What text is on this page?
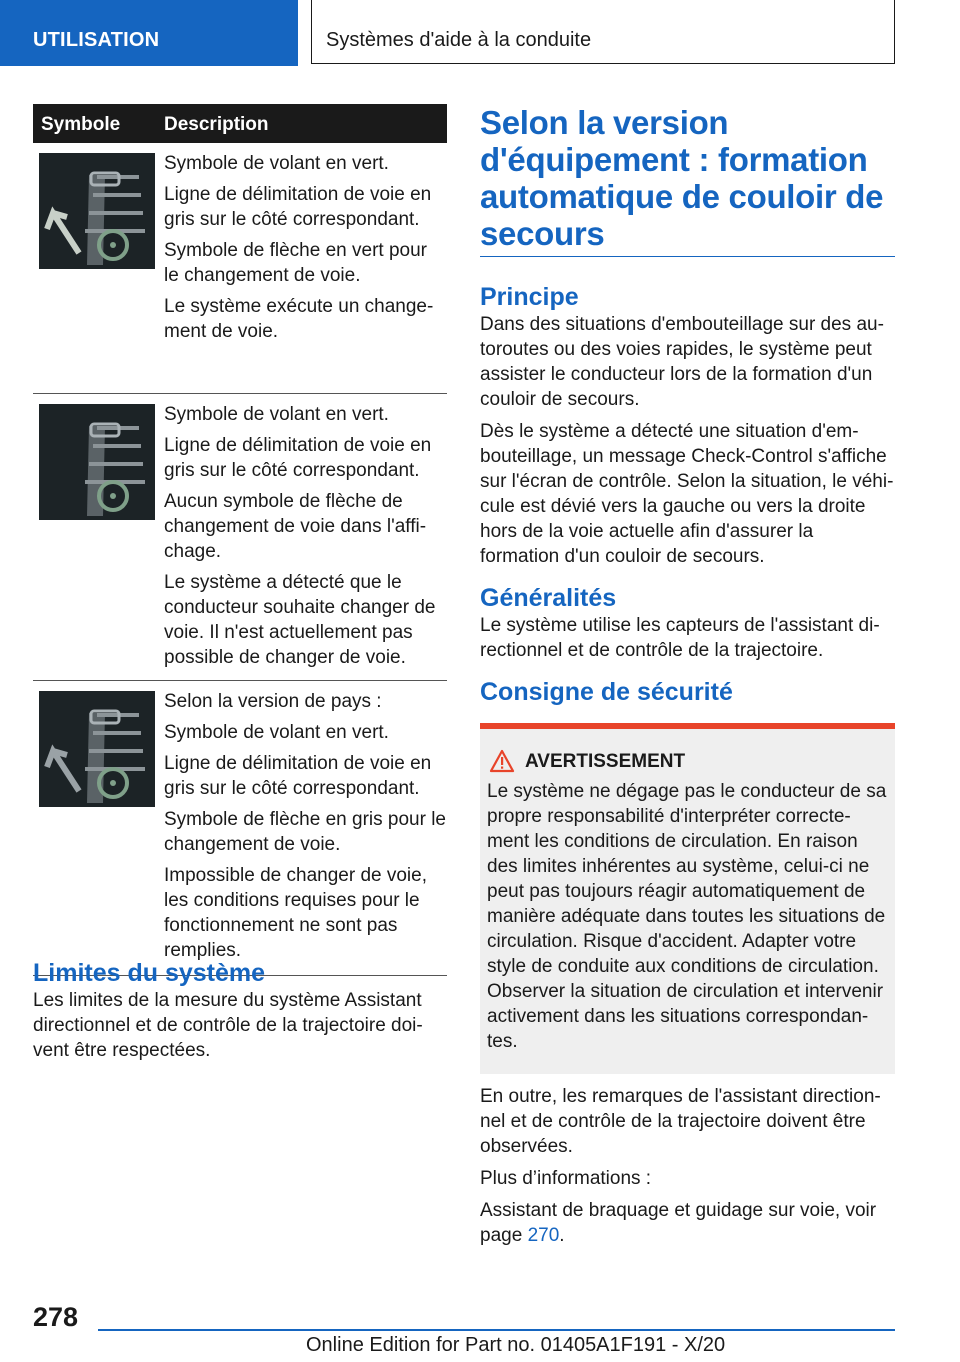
UTILISATION	Systèmes d'aide à la conduite
Symbole Description

Symbole de volant en vert.

Ligne de délimitation de voie en gris sur le côté correspondant.

Symbole de flèche en vert pour le changement de voie.

Le système exécute un change-ment de voie.

Symbole de volant en vert.

Ligne de délimitation de voie en gris sur le côté correspondant.

Aucun symbole de flèche de changement de voie dans l'affi-chage.

Le système a détecté que le conducteur souhaite changer de voie. Il n'est actuellement pas possible de changer de voie.

Selon la version de pays :

Symbole de volant en vert.

Ligne de délimitation de voie en gris sur le côté correspondant.

Symbole de flèche en gris pour le changement de voie.

Impossible de changer de voie, les conditions requises pour le fonctionnement ne sont pas remplies.

Limites du système

Les limites de la mesure du système Assistant directionnel et de contrôle de la trajectoire doi-vent être respectées.

Selon la version d'équipement : formation automatique de couloir de secours
Principe

Dans des situations d'embouteillage sur des au-toroutes ou des voies rapides, le système peut assister le conducteur lors de la formation d'un couloir de secours.

Dès le système a détecté une situation d'em-bouteillage, un message Check-Control s'affiche sur l'écran de contrôle. Selon la situation, le véhi-cule est dévié vers la gauche ou vers la droite hors de la voie actuelle afin d'assurer la formation d'un couloir de secours.

Généralités

Le système utilise les capteurs de l'assistant di-rectionnel et de contrôle de la trajectoire.

Consigne de sécurité
AVERTISSEMENT

Le système ne dégage pas le conducteur de sa propre responsabilité d'interpréter correcte-ment les conditions de circulation. En raison des limites inhérentes au système, celui-ci ne peut pas toujours réagir automatiquement de manière adéquate dans toutes les situations de circulation. Risque d'accident. Adapter votre style de conduite aux conditions de circulation. Observer la situation de circulation et intervenir activement dans les situations correspondan-tes.

En outre, les remarques de l'assistant direction-nel et de contrôle de la trajectoire doivent être observées.

Plus d’informations :

Assistant de braquage et guidage sur voie, voir page 270.

278
Online Edition for Part no. 01405A1F191 - X/20
